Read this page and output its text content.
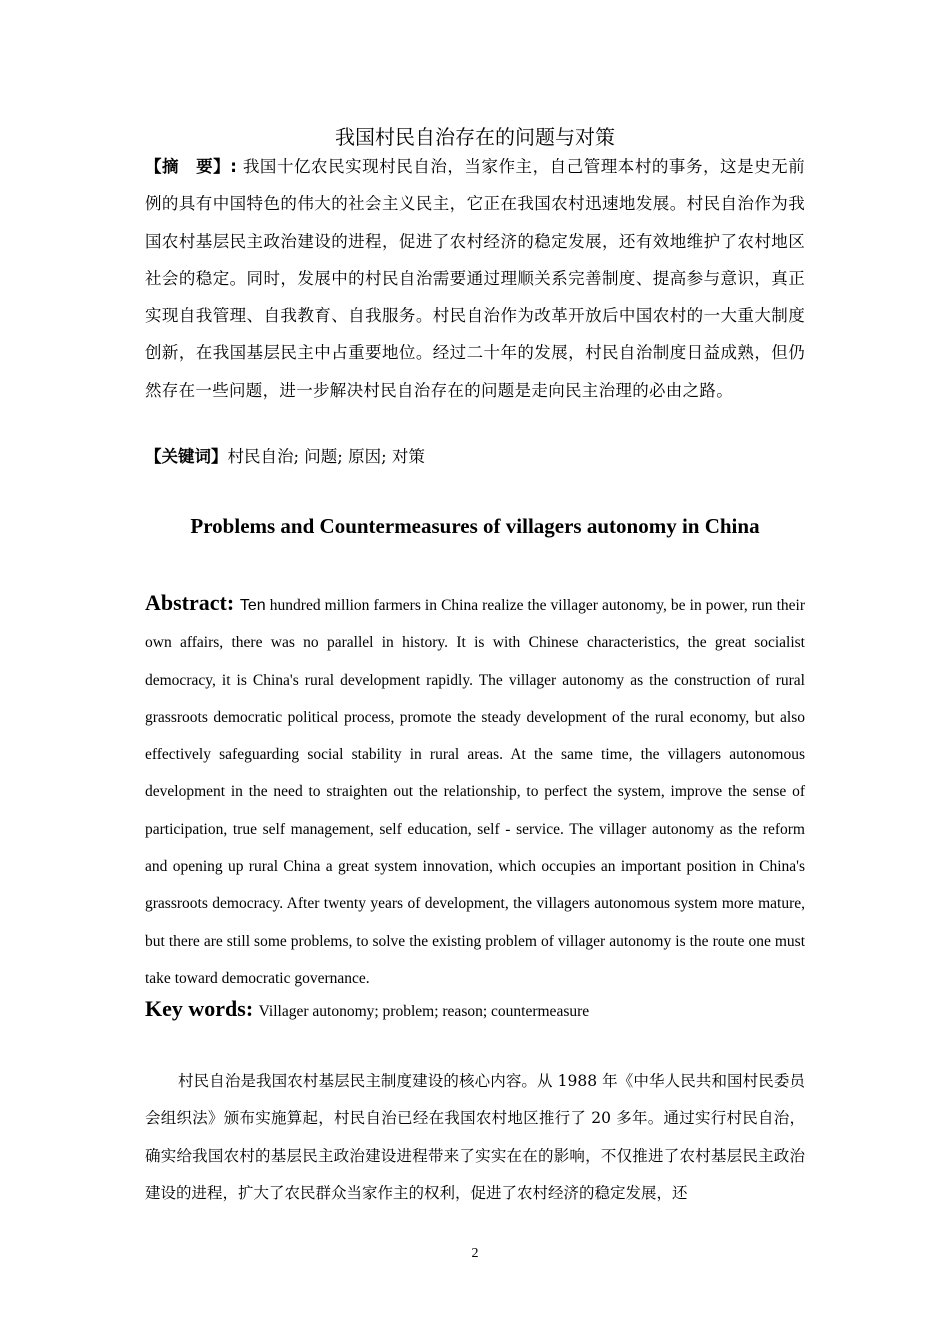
我国村民自治存在的问题与对策
【摘　要】: 我国十亿农民实现村民自治，当家作主，自己管理本村的事务，这是史无前例的具有中国特色的伟大的社会主义民主，它正在我国农村迅速地发展。村民自治作为我国农村基层民主政治建设的进程，促进了农村经济的稳定发展，还有效地维护了农村地区社会的稳定。同时，发展中的村民自治需要通过理顺关系完善制度、提高参与意识，真正实现自我管理、自我教育、自我服务。村民自治作为改革开放后中国农村的一大重大制度创新，在我国基层民主中占重要地位。经过二十年的发展，村民自治制度日益成熟，但仍然存在一些问题，进一步解决村民自治存在的问题是走向民主治理的必由之路。
【关键词】村民自治; 问题; 原因; 对策
Problems and Countermeasures of villagers autonomy in China
Abstract: Ten hundred million farmers in China realize the villager autonomy, be in power, run their own affairs, there was no parallel in history. It is with Chinese characteristics, the great socialist democracy, it is China's rural development rapidly. The villager autonomy as the construction of rural grassroots democratic political process, promote the steady development of the rural economy, but also effectively safeguarding social stability in rural areas. At the same time, the villagers autonomous development in the need to straighten out the relationship, to perfect the system, improve the sense of participation, true self management, self education, self - service. The villager autonomy as the reform and opening up rural China a great system innovation, which occupies an important position in China's grassroots democracy. After twenty years of development, the villagers autonomous system more mature, but there are still some problems, to solve the existing problem of villager autonomy is the route one must take toward democratic governance.
Key words: Villager autonomy; problem; reason; countermeasure
村民自治是我国农村基层民主制度建设的核心内容。从 1988 年《中华人民共和国村民委员会组织法》颁布实施算起，村民自治已经在我国农村地区推行了 20 多年。通过实行村民自治，确实给我国农村的基层民主政治建设进程带来了实实在在的影响，不仅推进了农村基层民主政治建设的进程，扩大了农民群众当家作主的权利，促进了农村经济的稳定发展，还
2
